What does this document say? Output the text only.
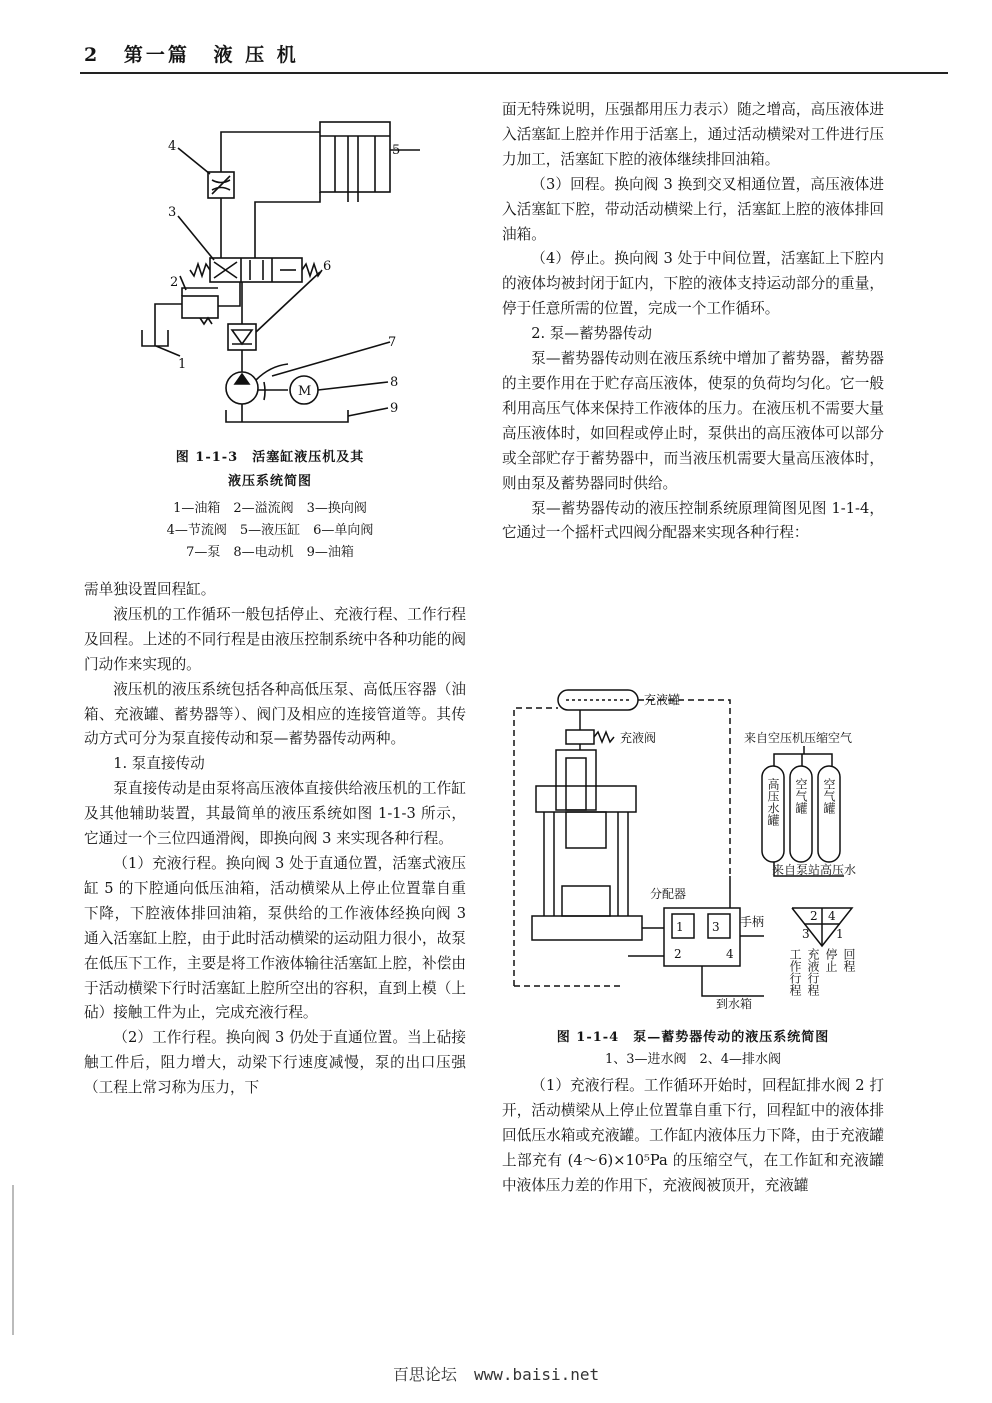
2 第一篇 液 压 机
4
3
2
1
5
6
7
8
9
M
图 1-1-3　活塞缸液压机及其
液压系统简图
1—油箱　2—溢流阀　3—换向阀
4—节流阀　5—液压缸　6—单向阀
7—泵　8—电动机　9—油箱

需单独设置回程缸。

液压机的工作循环一般包括停止、充液行程、工作行程及回程。上述的不同行程是由液压控制系统中各种功能的阀门动作来实现的。

液压机的液压系统包括各种高低压泵、高低压容器（油箱、充液罐、蓄势器等）、阀门及相应的连接管道等。其传动方式可分为泵直接传动和泵—蓄势器传动两种。

1. 泵直接传动

泵直接传动是由泵将高压液体直接供给液压机的工作缸及其他辅助装置，其最简单的液压系统如图 1-1-3 所示，它通过一个三位四通滑阀，即换向阀 3 来实现各种行程。

（1）充液行程。换向阀 3 处于直通位置，活塞式液压缸 5 的下腔通向低压油箱，活动横梁从上停止位置靠自重下降，下腔液体排回油箱，泵供给的工作液体经换向阀 3 通入活塞缸上腔，由于此时活动横梁的运动阻力很小，故泵在低压下工作，主要是将工作液体输往活塞缸上腔，补偿由于活动横梁下行时活塞缸上腔所空出的容积，直到上模（上砧）接触工件为止，完成充液行程。

（2）工作行程。换向阀 3 仍处于直通位置。当上砧接触工件后，阻力增大，动梁下行速度减慢，泵的出口压强（工程上常习称为压力，下

面无特殊说明，压强都用压力表示）随之增高，高压液体进入活塞缸上腔并作用于活塞上，通过活动横梁对工件进行压力加工，活塞缸下腔的液体继续排回油箱。

（3）回程。换向阀 3 换到交叉相通位置，高压液体进入活塞缸下腔，带动活动横梁上行，活塞缸上腔的液体排回油箱。

（4）停止。换向阀 3 处于中间位置，活塞缸上下腔内的液体均被封闭于缸内，下腔的液体支持运动部分的重量，停于任意所需的位置，完成一个工作循环。

2. 泵—蓄势器传动

泵—蓄势器传动则在液压系统中增加了蓄势器，蓄势器的主要作用在于贮存高压液体，使泵的负荷均匀化。它一般利用高压气体来保持工作液体的压力。在液压机不需要大量高压液体时，如回程或停止时，泵供出的高压液体可以部分或全部贮存于蓄势器中，而当液压机需要大量高压液体时，则由泵及蓄势器同时供给。

泵—蓄势器传动的液压控制系统原理简图见图 1-1-4，它通过一个摇杆式四阀分配器来实现各种行程：

充液罐
充液阀	来自空压机压缩空气
来自泵站高压水
分配器
手柄
到水箱
1
2
3
4
2 4
3 1
高压水罐 空气罐 空气罐
工作行程 充液行程 停止 回程
图 1-1-4　泵—蓄势器传动的液压系统简图
1、3—进水阀　2、4—排水阀

（1）充液行程。工作循环开始时，回程缸排水阀 2 打开，活动横梁从上停止位置靠自重下行，回程缸中的液体排回低压水箱或充液罐。工作缸内液体压力下降，由于充液罐上部充有 (4～6)×10⁵Pa 的压缩空气，在工作缸和充液罐中液体压力差的作用下，充液阀被顶开，充液罐

百思论坛 www.baisi.net
